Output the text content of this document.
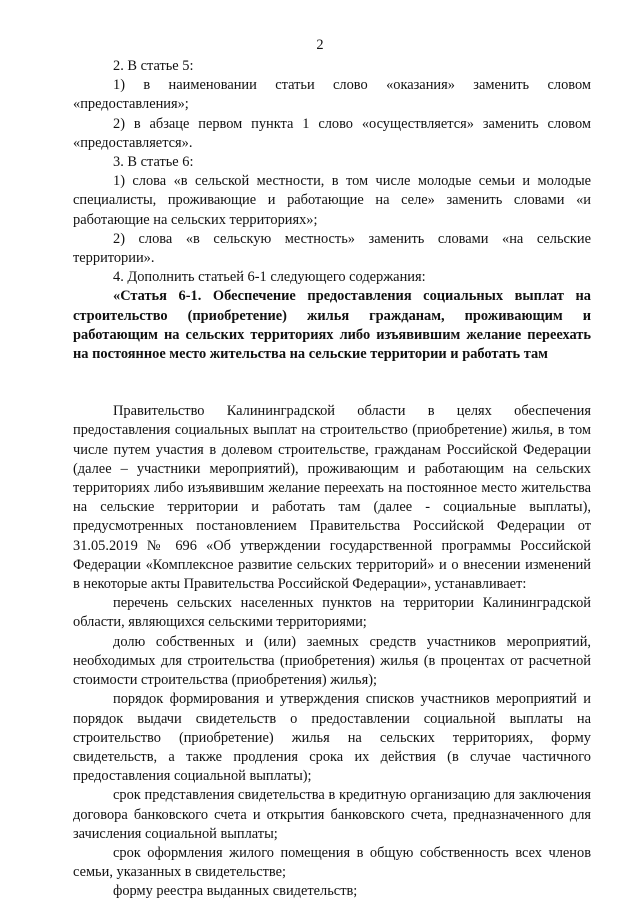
2

2. В статье 5:

1) в наименовании статьи слово «оказания» заменить словом «предоставления»;

2) в абзаце первом пункта 1 слово «осуществляется» заменить словом «предоставляется».

3. В статье 6:

1) слова «в сельской местности, в том числе молодые семьи и молодые специалисты, проживающие и работающие на селе» заменить словами «и работающие на сельских территориях»;

2) слова «в сельскую местность» заменить словами «на сельские территории».

4. Дополнить статьей 6-1 следующего содержания:

«Статья 6-1. Обеспечение предоставления социальных выплат на строительство (приобретение) жилья гражданам, проживающим и работающим на сельских территориях либо изъявившим желание переехать на постоянное место жительства на сельские территории и работать там

Правительство Калининградской области в целях обеспечения предоставления социальных выплат на строительство (приобретение) жилья, в том числе путем участия в долевом строительстве, гражданам Российской Федерации (далее – участники мероприятий), проживающим и работающим на сельских территориях либо изъявившим желание переехать на постоянное место жительства на сельские территории и работать там (далее - социальные выплаты), предусмотренных постановлением Правительства Российской Федерации от 31.05.2019 № 696 «Об утверждении государственной программы Российской Федерации «Комплексное развитие сельских территорий» и о внесении изменений в некоторые акты Правительства Российской Федерации», устанавливает:

перечень сельских населенных пунктов на территории Калининградской области, являющихся сельскими территориями;

долю собственных и (или) заемных средств участников мероприятий, необходимых для строительства (приобретения) жилья (в процентах от расчетной стоимости строительства (приобретения) жилья);

порядок формирования и утверждения списков участников мероприятий и порядок выдачи свидетельств о предоставлении социальной выплаты на строительство (приобретение) жилья на сельских территориях, форму свидетельств, а также продления срока их действия (в случае частичного предоставления социальной выплаты);

срок представления свидетельства в кредитную организацию для заключения договора банковского счета и открытия банковского счета, предназначенного для зачисления социальной выплаты;

срок оформления жилого помещения в общую собственность всех членов семьи, указанных в свидетельстве;

форму реестра выданных свидетельств;
